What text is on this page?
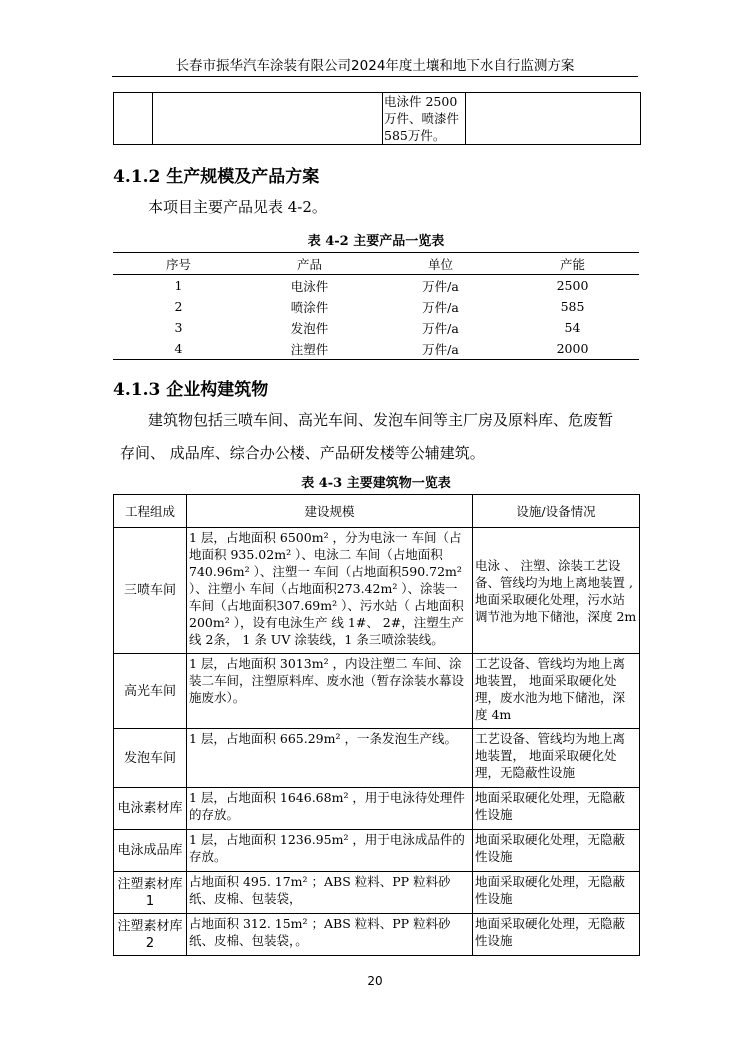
长春市振华汽车涂装有限公司2024年度土壤和地下水自行监测方案
		电泳件 2500 万件、喷漆件 585万件。	
4.1.2 生产规模及产品方案
本项目主要产品见表 4-2。
表 4-2 主要产品一览表
序号	产品	单位	产能
1	电泳件	万件/a	2500
2	喷涂件	万件/a	585
3	发泡件	万件/a	54
4	注塑件	万件/a	2000
4.1.3 企业构建筑物
建筑物包括三喷车间、高光车间、发泡车间等主厂房及原料库、危废暂
存间、 成品库、综合办公楼、产品研发楼等公辅建筑。
表 4-3 主要建筑物一览表
工程组成	建设规模	设施/设备情况
三喷车间	1 层，占地面积 6500m² ，分为电泳一 车间（占地面积 935.02m² ）、电泳二 车间（占地面积 740.96m² ）、注塑一 车间（占地面积590.72m² ）、注塑小 车间（占地面积273.42m² ）、涂装一 车间（占地面积307.69m² ）、污水站（ 占地面积 200m² ），设有电泳生产 线 1#、 2#，注塑生产线 2条， 1 条 UV 涂装线，1 条三喷涂装线。	电泳 、 注塑、涂装工艺设备、管线均为地上离地装置 , 地面采取硬化处理，污水站调节池为地下储池，深度 2m
高光车间	1 层，占地面积 3013m² ，内设注塑二 车间、涂装二车间，注塑原料库、废水池（暂存涂装水幕设施废水）。	工艺设备、管线均为地上离地装置， 地面采取硬化处理，废水池为地下储池，深度 4m
发泡车间	1 层，占地面积 665.29m² ，一条发泡生产线。	工艺设备、管线均为地上离地装置， 地面采取硬化处理，无隐蔽性设施
电泳素材库	1 层，占地面积 1646.68m² ，用于电泳待处理件的存放。	地面采取硬化处理，无隐蔽性设施
电泳成品库	1 层，占地面积 1236.95m² ，用于电泳成品件的存放。	地面采取硬化处理，无隐蔽性设施
注塑素材库 1	占地面积 495. 17m² ；ABS 粒料、PP 粒料砂纸、皮棉、包装袋，	地面采取硬化处理，无隐蔽性设施
注塑素材库 2	占地面积 312. 15m² ；ABS 粒料、PP 粒料砂纸、皮棉、包装袋，。	地面采取硬化处理，无隐蔽性设施
20
